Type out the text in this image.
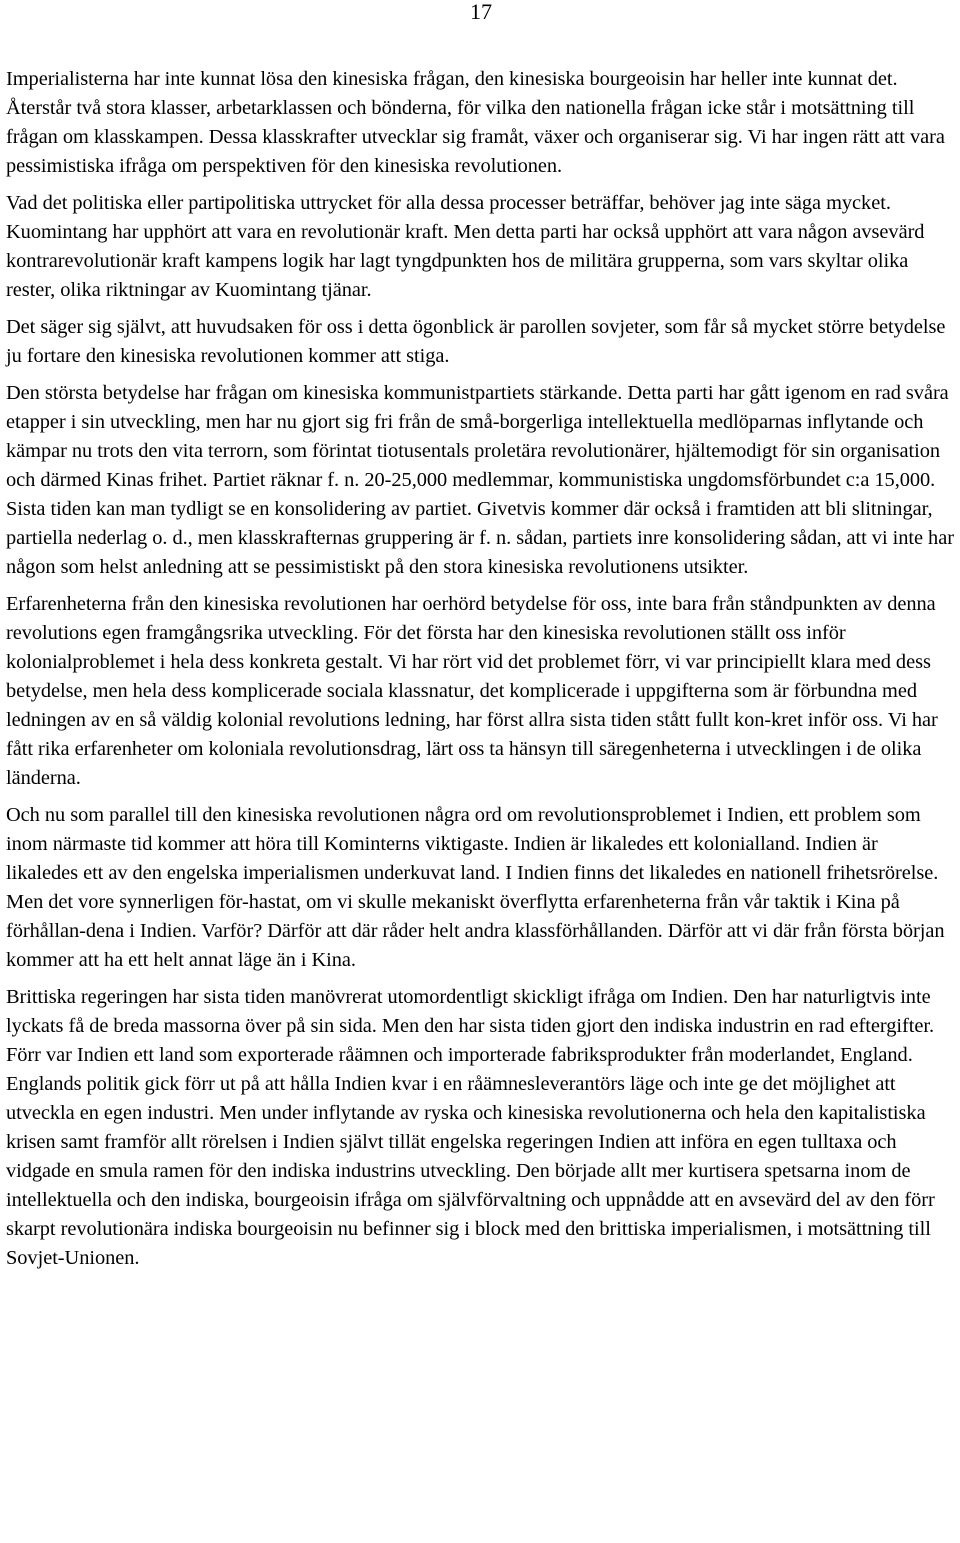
17

Imperialisterna har inte kunnat lösa den kinesiska frågan, den kinesiska bourgeoisin har heller inte kunnat det. Återstår två stora klasser, arbetarklassen och bönderna, för vilka den nationella frågan icke står i motsättning till frågan om klasskampen. Dessa klasskrafter utvecklar sig framåt, växer och organiserar sig. Vi har ingen rätt att vara pessimistiska ifråga om perspektiven för den kinesiska revolutionen.

Vad det politiska eller partipolitiska uttrycket för alla dessa processer beträffar, behöver jag inte säga mycket. Kuomintang har upphört att vara en revolutionär kraft. Men detta parti har också upphört att vara någon avsevärd kontrarevolutionär kraft kampens logik har lagt tyngdpunkten hos de militära grupperna, som vars skyltar olika rester, olika riktningar av Kuomintang tjänar.

Det säger sig självt, att huvudsaken för oss i detta ögonblick är parollen sovjeter, som får så mycket större betydelse ju fortare den kinesiska revolutionen kommer att stiga.

Den största betydelse har frågan om kinesiska kommunistpartiets stärkande. Detta parti har gått igenom en rad svåra etapper i sin utveckling, men har nu gjort sig fri från de små-borgerliga intellektuella medlöparnas inflytande och kämpar nu trots den vita terrorn, som förintat tiotusentals proletära revolutionärer, hjältemodigt för sin organisation och därmed Kinas frihet. Partiet räknar f. n. 20-25,000 medlemmar, kommunistiska ungdomsförbundet c:a 15,000. Sista tiden kan man tydligt se en konsolidering av partiet. Givetvis kommer där också i framtiden att bli slitningar, partiella nederlag o. d., men klasskrafternas gruppering är f. n. sådan, partiets inre konsolidering sådan, att vi inte har någon som helst anledning att se pessimistiskt på den stora kinesiska revolutionens utsikter.

Erfarenheterna från den kinesiska revolutionen har oerhörd betydelse för oss, inte bara från ståndpunkten av denna revolutions egen framgångsrika utveckling. För det första har den kinesiska revolutionen ställt oss inför kolonialproblemet i hela dess konkreta gestalt. Vi har rört vid det problemet förr, vi var principiellt klara med dess betydelse, men hela dess komplicerade sociala klassnatur, det komplicerade i uppgifterna som är förbundna med ledningen av en så väldig kolonial revolutions ledning, har först allra sista tiden stått fullt kon-kret inför oss. Vi har fått rika erfarenheter om koloniala revolutionsdrag, lärt oss ta hänsyn till säregenheterna i utvecklingen i de olika länderna.

Och nu som parallel till den kinesiska revolutionen några ord om revolutionsproblemet i Indien, ett problem som inom närmaste tid kommer att höra till Kominterns viktigaste. Indien är likaledes ett kolonialland. Indien är likaledes ett av den engelska imperialismen underkuvat land. I Indien finns det likaledes en nationell frihetsrörelse. Men det vore synnerligen för-hastat, om vi skulle mekaniskt överflytta erfarenheterna från vår taktik i Kina på förhållan-dena i Indien. Varför? Därför att där råder helt andra klassförhållanden. Därför att vi där från första början kommer att ha ett helt annat läge än i Kina.

Brittiska regeringen har sista tiden manövrerat utomordentligt skickligt ifråga om Indien. Den har naturligtvis inte lyckats få de breda massorna över på sin sida. Men den har sista tiden gjort den indiska industrin en rad eftergifter. Förr var Indien ett land som exporterade råämnen och importerade fabriksprodukter från moderlandet, England. Englands politik gick förr ut på att hålla Indien kvar i en råämnesleverantörs läge och inte ge det möjlighet att utveckla en egen industri. Men under inflytande av ryska och kinesiska revolutionerna och hela den kapitalistiska krisen samt framför allt rörelsen i Indien självt tillät engelska regeringen Indien att införa en egen tulltaxa och vidgade en smula ramen för den indiska industrins utveckling. Den började allt mer kurtisera spetsarna inom de intellektuella och den indiska, bourgeoisin ifråga om självförvaltning och uppnådde att en avsevärd del av den förr skarpt revolutionära indiska bourgeoisin nu befinner sig i block med den brittiska imperialismen, i motsättning till Sovjet-Unionen.
